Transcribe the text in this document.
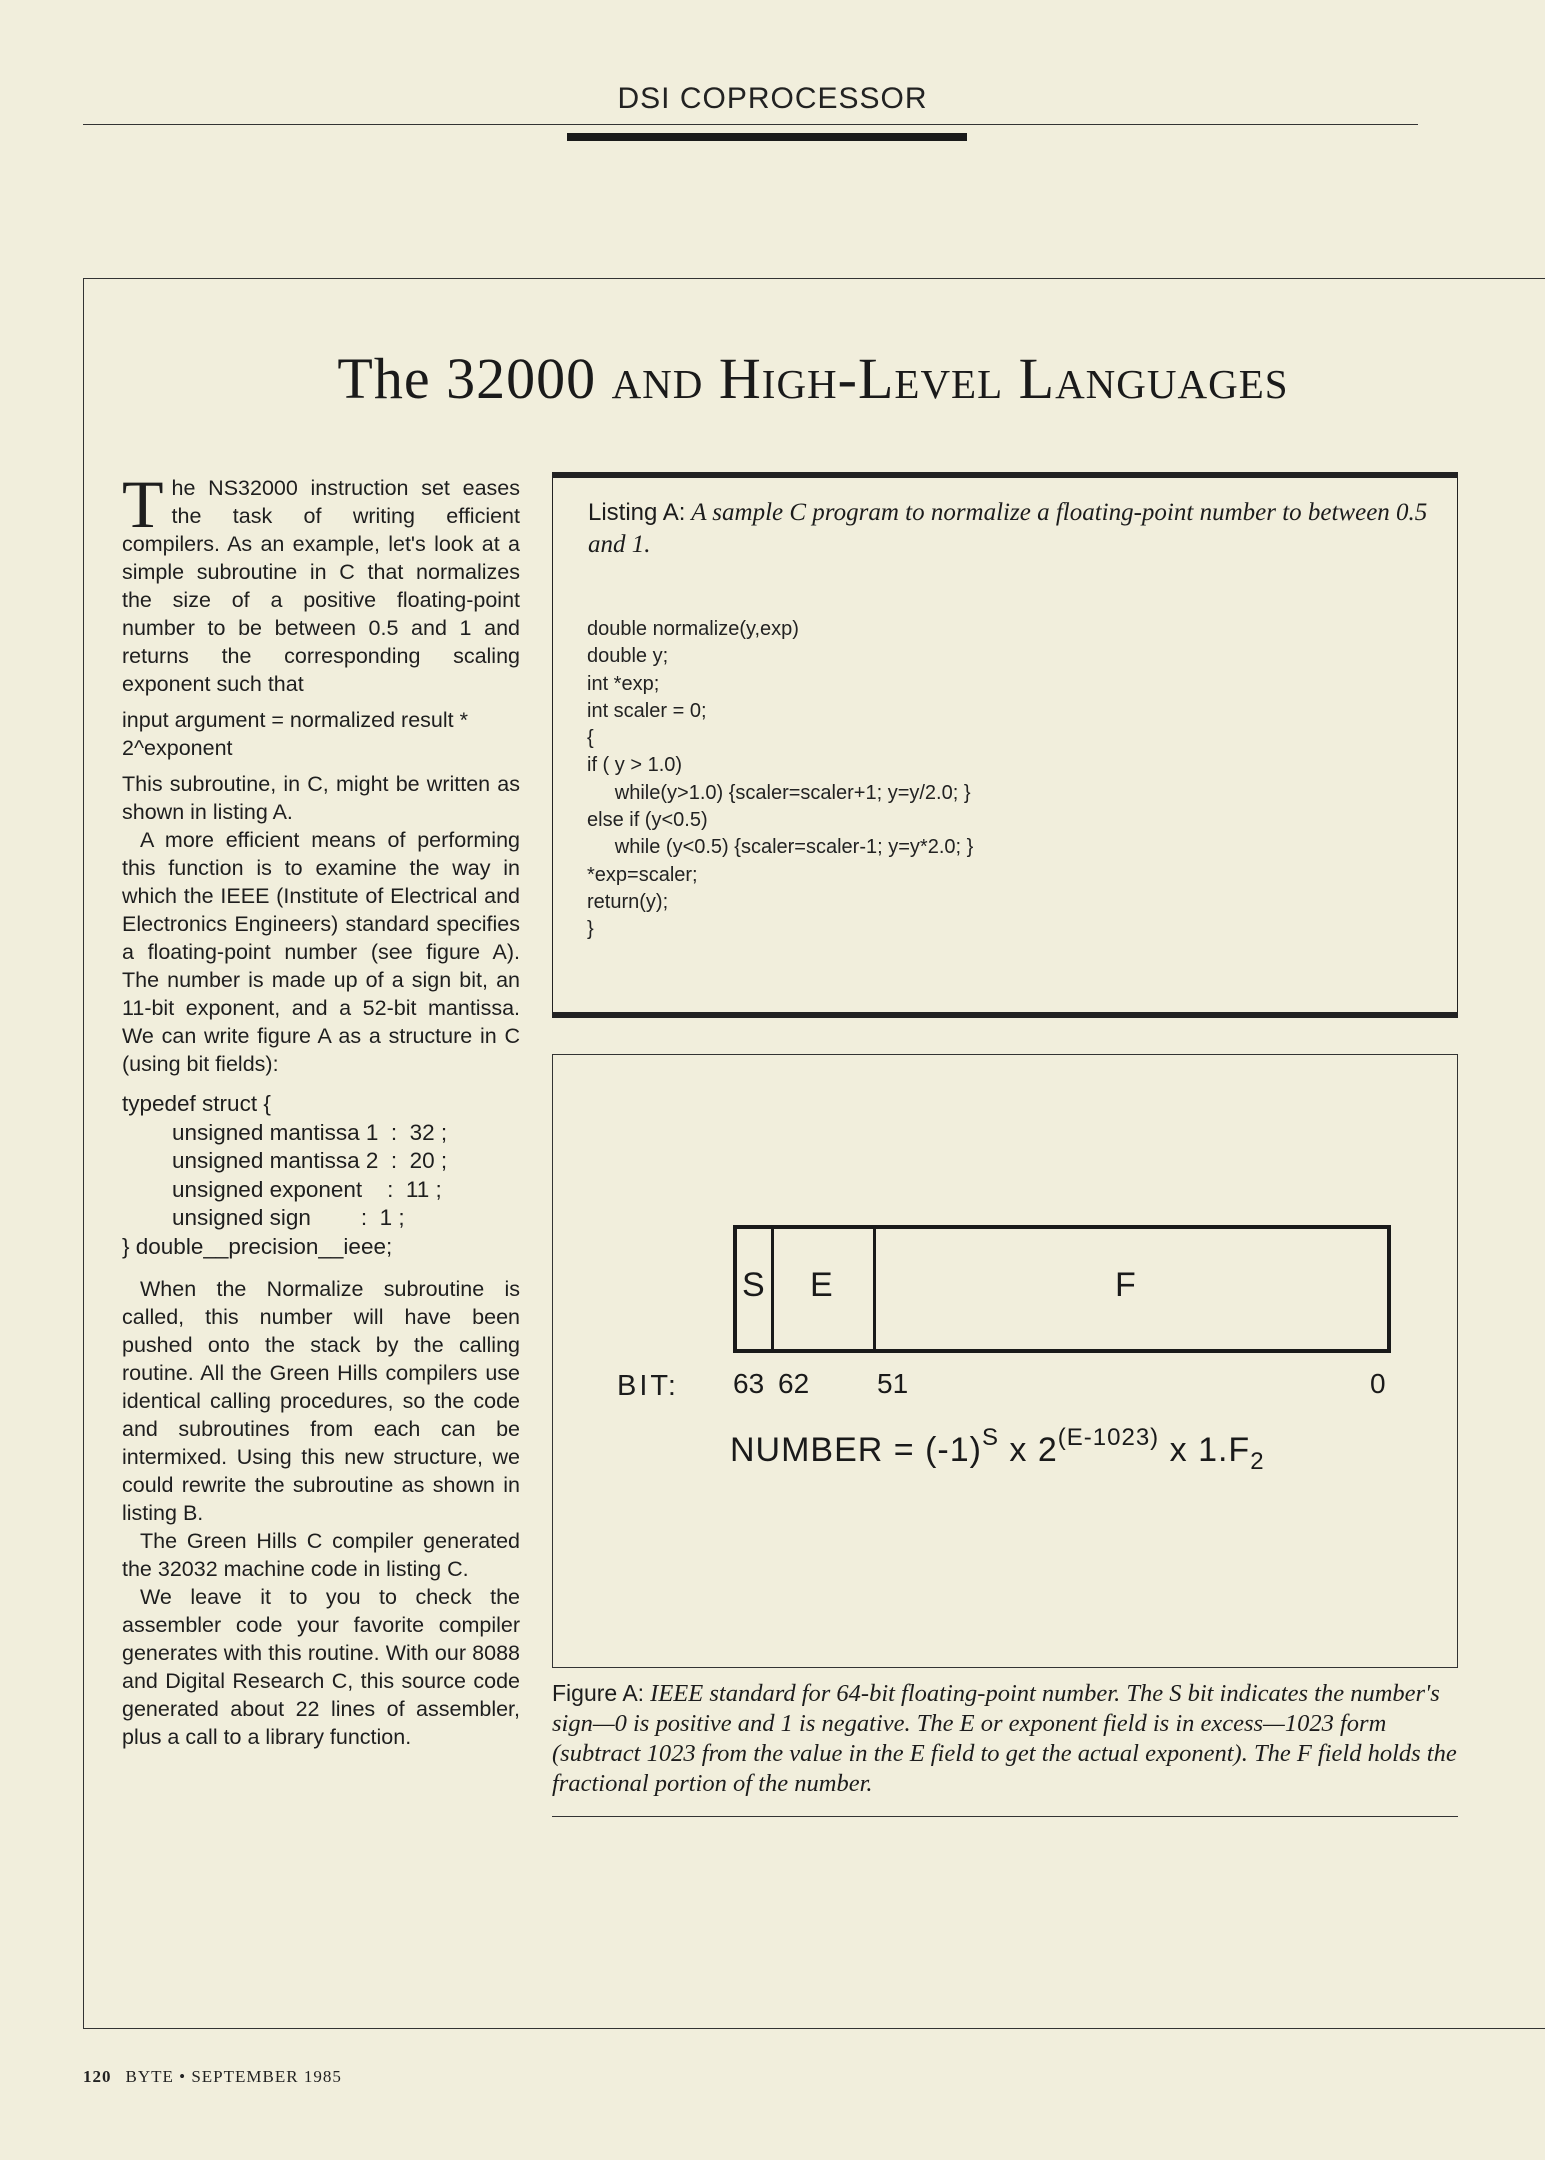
DSI COPROCESSOR
The 32000 and High-Level Languages

The NS32000 instruction set eases the task of writing efficient compilers. As an example, let's look at a simple subroutine in C that normalizes the size of a positive floating-point number to be between 0.5 and 1 and returns the corresponding scaling exponent such that

input argument = normalized result * 2^exponent

This subroutine, in C, might be written as shown in listing A.

A more efficient means of performing this function is to examine the way in which the IEEE (Institute of Electrical and Electronics Engineers) standard specifies a floating-point number (see figure A). The number is made up of a sign bit, an 11-bit exponent, and a 52-bit mantissa. We can write figure A as a structure in C (using bit fields):

typedef struct {
unsigned mantissa 1  :  32 ;
unsigned mantissa 2  :  20 ;
unsigned exponent    :  11 ;
unsigned sign        :  1 ;
} double__precision__ieee;

When the Normalize subroutine is called, this number will have been pushed onto the stack by the calling routine. All the Green Hills compilers use identical calling procedures, so the code and subroutines from each can be intermixed. Using this new structure, we could rewrite the subroutine as shown in listing B.

The Green Hills C compiler generated the 32032 machine code in listing C.

We leave it to you to check the assembler code your favorite compiler generates with this routine. With our 8088 and Digital Research C, this source code generated about 22 lines of assembler, plus a call to a library function.

Listing A: A sample C program to normalize a floating-point number to between 0.5 and 1.
double normalize(y,exp)
double y;
int *exp;
int scaler = 0;
{
if ( y > 1.0)
while(y>1.0) {scaler=scaler+1; y=y/2.0; }
else if (y<0.5)
while (y<0.5) {scaler=scaler-1; y=y*2.0; }
*exp=scaler;
return(y);
}
S E	F
BIT: 63 62 51	0
NUMBER = $(-1)^S$ x $2^{(E-1023)}$ x $1.F_2$
Figure A: IEEE standard for 64-bit floating-point number. The S bit indicates the number's sign—0 is positive and 1 is negative. The E or exponent field is in excess—1023 form (subtract 1023 from the value in the E field to get the actual exponent). The F field holds the fractional portion of the number.
120 BYTE • SEPTEMBER 1985
